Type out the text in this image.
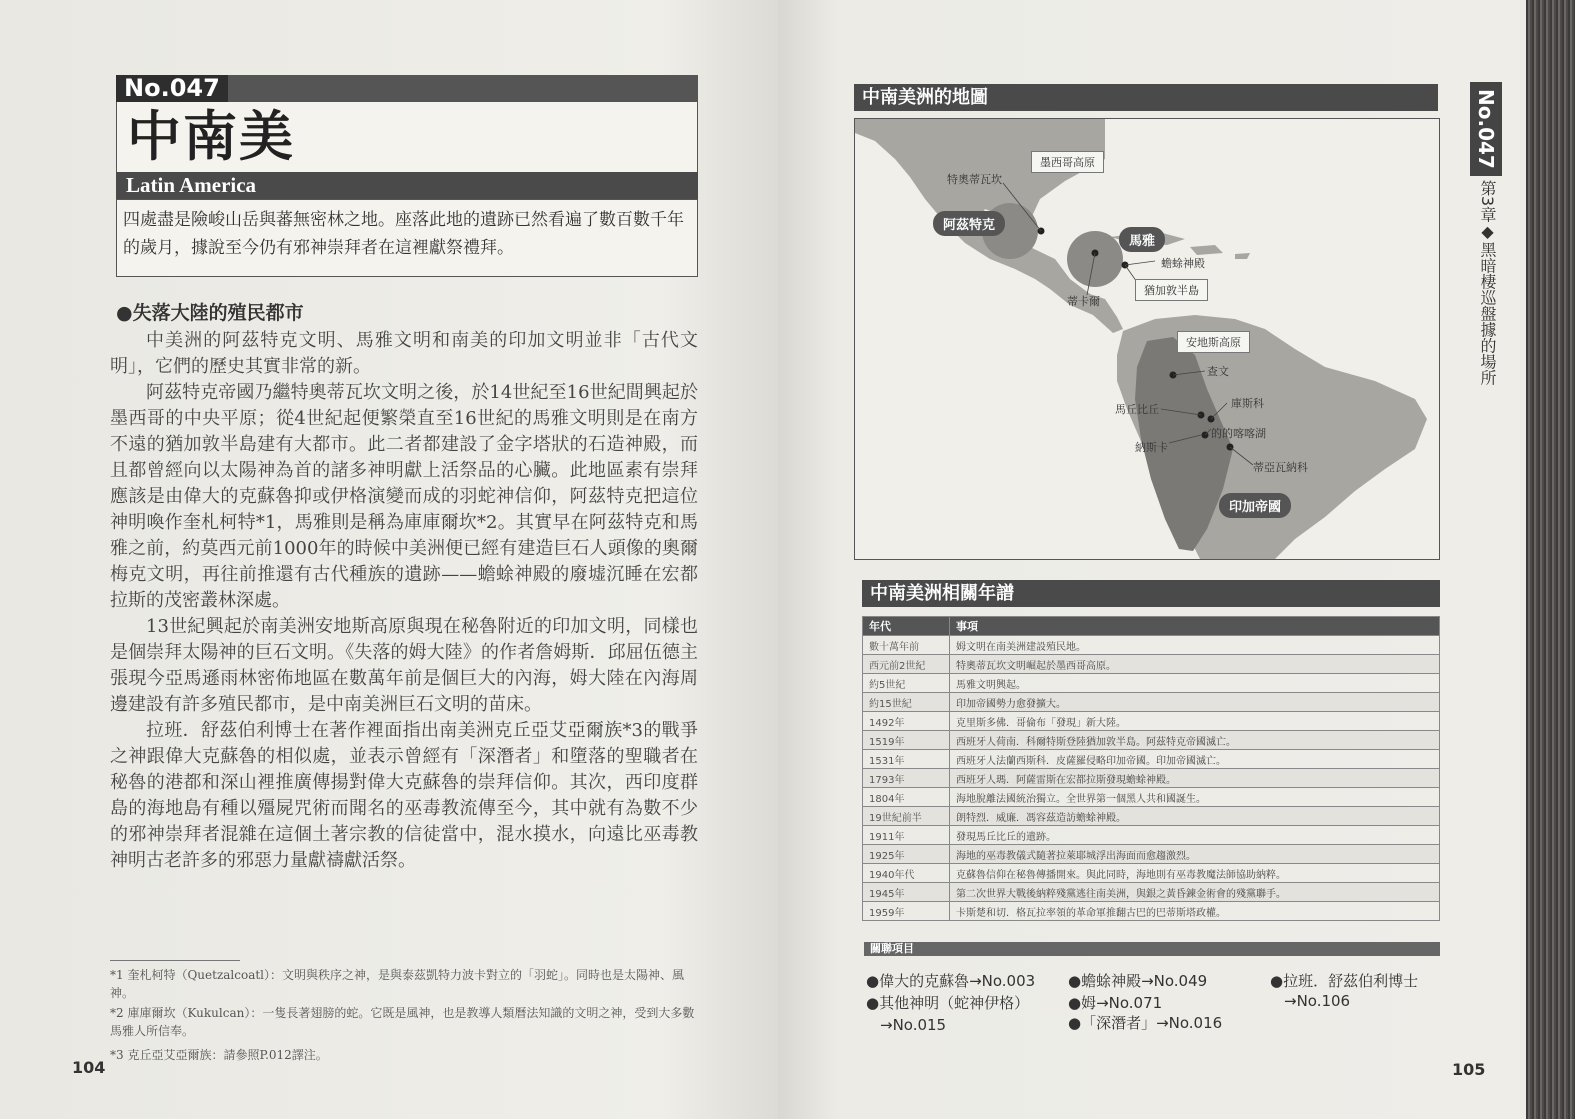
No.047
中南美
Latin America
四處盡是險峻山岳與蕃無密林之地。座落此地的遺跡已然看遍了數百數千年的歲月，據說至今仍有邪神崇拜者在這裡獻祭禮拜。
●失落大陸的殖民都市

中美洲的阿茲特克文明、馬雅文明和南美的印加文明並非「古代文明」，它們的歷史其實非常的新。

阿茲特克帝國乃繼特奧蒂瓦坎文明之後，於14世紀至16世紀間興起於墨西哥的中央平原；從4世紀起便繁榮直至16世紀的馬雅文明則是在南方不遠的猶加敦半島建有大都市。此二者都建設了金字塔狀的石造神殿，而且都曾經向以太陽神為首的諸多神明獻上活祭品的心臟。此地區素有崇拜應該是由偉大的克蘇魯抑或伊格演變而成的羽蛇神信仰，阿茲特克把這位神明喚作奎札柯特*1，馬雅則是稱為庫庫爾坎*2。其實早在阿茲特克和馬雅之前，約莫西元前1000年的時候中美洲便已經有建造巨石人頭像的奧爾梅克文明，再往前推還有古代種族的遺跡——蟾蜍神殿的廢墟沉睡在宏都拉斯的茂密叢林深處。

13世紀興起於南美洲安地斯高原與現在秘魯附近的印加文明，同樣也是個崇拜太陽神的巨石文明。《失落的姆大陸》的作者詹姆斯．邱屈伍德主張現今亞馬遜雨林密佈地區在數萬年前是個巨大的內海，姆大陸在內海周邊建設有許多殖民都市，是中南美洲巨石文明的苗床。

拉班．舒茲伯利博士在著作裡面指出南美洲克丘亞艾亞爾族*3的戰爭之神跟偉大克蘇魯的相似處，並表示曾經有「深潛者」和墮落的聖職者在秘魯的港都和深山裡推廣傳揚對偉大克蘇魯的崇拜信仰。其次，西印度群島的海地島有種以殭屍咒術而聞名的巫毒教流傳至今，其中就有為數不少的邪神崇拜者混雜在這個土著宗教的信徒當中，混水摸水，向遠比巫毒教神明古老許多的邪惡力量獻禱獻活祭。

*1 奎札柯特（Quetzalcoatl）：文明與秩序之神，是與泰茲凱特力波卡對立的「羽蛇」。同時也是太陽神、風神。
*2 庫庫爾坎（Kukulcan）：一隻長著翅膀的蛇。它既是風神，也是教導人類曆法知識的文明之神，受到大多數馬雅人所信奉。
*3 克丘亞艾亞爾族：請參照P.012譯注。
104
中南美洲的地圖
特奧蒂瓦坎
墨西哥高原
阿茲特克
馬雅
蟾蜍神殿
猶加敦半島
蒂卡爾
安地斯高原
查文
庫斯科
馬丘比丘
的的喀喀湖
納斯卡
蒂亞瓦納科
印加帝國
中南美洲相關年譜
年代	事項
數十萬年前	姆文明在南美洲建設殖民地。
西元前2世紀	特奧蒂瓦坎文明崛起於墨西哥高原。
約5世紀	馬雅文明興起。
約15世紀	印加帝國勢力愈發擴大。
1492年	克里斯多佛．哥倫布「發現」新大陸。
1519年	西班牙人荷南．科爾特斯登陸猶加敦半島。阿茲特克帝國滅亡。
1531年	西班牙人法蘭西斯科．皮薩羅侵略印加帝國。印加帝國滅亡。
1793年	西班牙人瑪．阿薩雷斯在宏都拉斯發現蟾蜍神殿。
1804年	海地脫離法國統治獨立。全世界第一個黑人共和國誕生。
19世紀前半	朗特烈．威廉．馮容茲造訪蟾蜍神殿。
1911年	發現馬丘比丘的遺跡。
1925年	海地的巫毒教儀式隨著拉萊耶城浮出海面而愈趨激烈。
1940年代	克蘇魯信仰在秘魯傳播開來。與此同時，海地則有巫毒教魔法師協助納粹。
1945年	第二次世界大戰後納粹殘黨逃往南美洲，與銀之黃昏鍊金術會的殘黨聯手。
1959年	卡斯楚和切．格瓦拉率領的革命軍推翻古巴的巴蒂斯塔政權。
關聯項目
●偉大的克蘇魯→No.003
●其他神明（蛇神伊格）
→No.015
●蟾蜍神殿→No.049
●姆→No.071
●「深潛者」→No.016
●拉班．舒茲伯利博士
→No.106
No.047
第3章◆黑暗棲巡盤據的場所
105
